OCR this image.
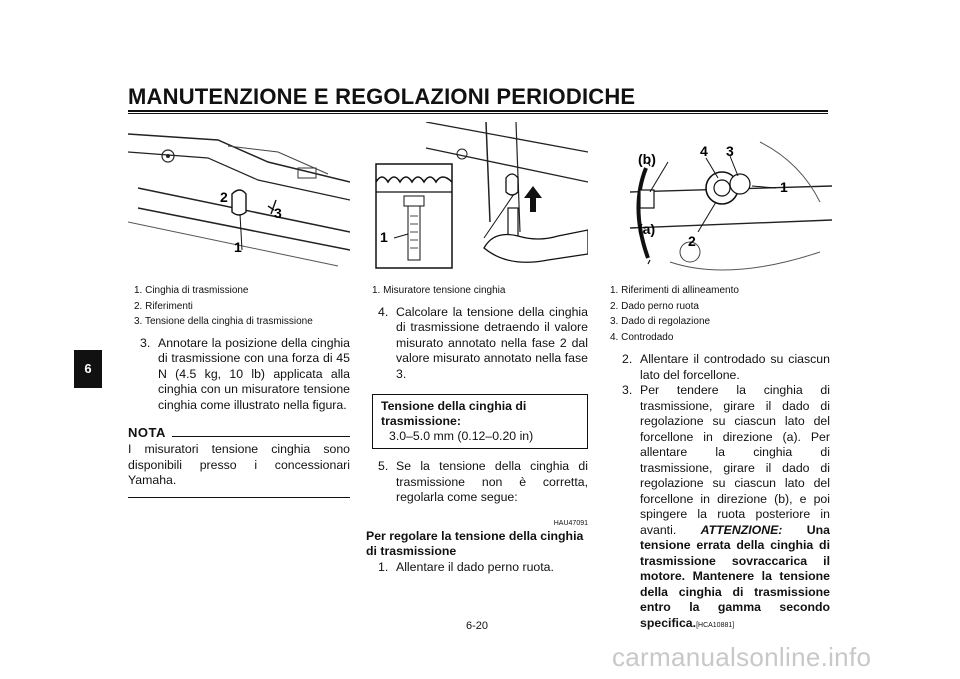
MANUTENZIONE E REGOLAZIONI PERIODICHE
6
2
3
1
1
(b)	4 3
1
(a)
2
1. Cinghia di trasmissione
2. Riferimenti
3. Tensione della cinghia di trasmissione
3. Annotare la posizione della cinghia di trasmissione con una forza di 45 N (4.5 kg, 10 lb) applicata alla cinghia con un misuratore tensione cinghia come illustrato nella figura.
NOTA
I misuratori tensione cinghia sono disponibili presso i concessionari Yamaha.
1. Misuratore tensione cinghia
4. Calcolare la tensione della cinghia di trasmissione detraendo il valore misurato annotato nella fase 2 dal valore misurato annotato nella fase 3.
Tensione della cinghia di trasmissione:
3.0–5.0 mm (0.12–0.20 in)
5. Se la tensione della cinghia di trasmissione non è corretta, regolarla come segue:
HAU47091
Per regolare la tensione della cinghia di trasmissione
1. Allentare il dado perno ruota.
1. Riferimenti di allineamento
2. Dado perno ruota
3. Dado di regolazione
4. Controdado
2. Allentare il controdado su ciascun lato del forcellone.
3. Per tendere la cinghia di trasmissione, girare il dado di regolazione su ciascun lato del forcellone in direzione (a). Per allentare la cinghia di trasmissione, girare il dado di regolazione su ciascun lato del forcellone in direzione (b), e poi spingere la ruota posteriore in avanti. ATTENZIONE: Una tensione errata della cinghia di trasmissione sovraccarica il motore. Mantenere la tensione della cinghia di trasmissione entro la gamma secondo specifica.[HCA10881]
6-20
carmanualsonline.info
